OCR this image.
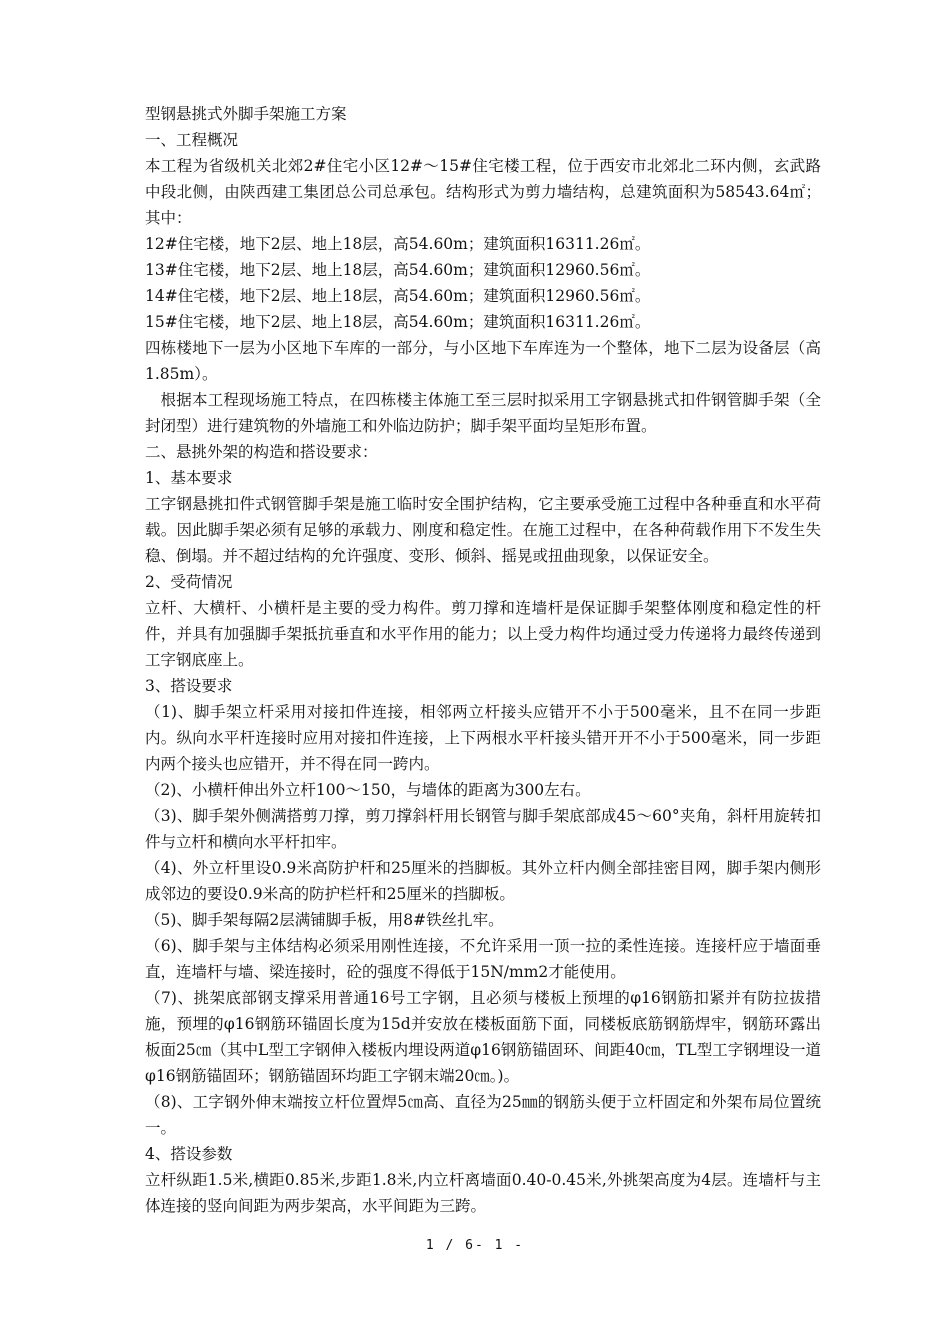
型钢悬挑式外脚手架施工方案

一、工程概况

本工程为省级机关北郊2#住宅小区12#～15#住宅楼工程，位于西安市北郊北二环内侧，玄武路中段北侧，由陕西建工集团总公司总承包。结构形式为剪力墙结构，总建筑面积为58543.64㎡；其中：

12#住宅楼，地下2层、地上18层，高54.60m；建筑面积16311.26㎡。

13#住宅楼，地下2层、地上18层，高54.60m；建筑面积12960.56㎡。

14#住宅楼，地下2层、地上18层，高54.60m；建筑面积12960.56㎡。

15#住宅楼，地下2层、地上18层，高54.60m；建筑面积16311.26㎡。

四栋楼地下一层为小区地下车库的一部分，与小区地下车库连为一个整体，地下二层为设备层（高1.85m）。

根据本工程现场施工特点，在四栋楼主体施工至三层时拟采用工字钢悬挑式扣件钢管脚手架（全封闭型）进行建筑物的外墙施工和外临边防护；脚手架平面均呈矩形布置。

二、悬挑外架的构造和搭设要求：

1、基本要求

工字钢悬挑扣件式钢管脚手架是施工临时安全围护结构，它主要承受施工过程中各种垂直和水平荷载。因此脚手架必须有足够的承载力、刚度和稳定性。在施工过程中，在各种荷载作用下不发生失稳、倒塌。并不超过结构的允许强度、变形、倾斜、摇晃或扭曲现象，以保证安全。

2、受荷情况

立杆、大横杆、小横杆是主要的受力构件。剪刀撑和连墙杆是保证脚手架整体刚度和稳定性的杆件，并具有加强脚手架抵抗垂直和水平作用的能力；以上受力构件均通过受力传递将力最终传递到工字钢底座上。

3、搭设要求

（1)、脚手架立杆采用对接扣件连接，相邻两立杆接头应错开不小于500毫米，且不在同一步距内。纵向水平杆连接时应用对接扣件连接，上下两根水平杆接头错开开不小于500毫米，同一步距内两个接头也应错开，并不得在同一跨内。

（2)、小横杆伸出外立杆100～150，与墙体的距离为300左右。

（3)、脚手架外侧满搭剪刀撑，剪刀撑斜杆用长钢管与脚手架底部成45～60°夹角，斜杆用旋转扣件与立杆和横向水平杆扣牢。

（4)、外立杆里设0.9米高防护杆和25厘米的挡脚板。其外立杆内侧全部挂密目网，脚手架内侧形成邻边的要设0.9米高的防护栏杆和25厘米的挡脚板。

（5)、脚手架每隔2层满铺脚手板，用8#铁丝扎牢。

（6)、脚手架与主体结构必须采用刚性连接，不允许采用一顶一拉的柔性连接。连接杆应于墙面垂直，连墙杆与墙、梁连接时，砼的强度不得低于15N/mm2才能使用。

（7)、挑架底部钢支撑采用普通16号工字钢，且必须与楼板上预埋的φ16钢筋扣紧并有防拉拔措施，预埋的φ16钢筋环锚固长度为15d并安放在楼板面筋下面，同楼板底筋钢筋焊牢，钢筋环露出板面25㎝（其中L型工字钢伸入楼板内埋设两道φ16钢筋锚固环、间距40㎝，TL型工字钢埋设一道φ16钢筋锚固环；钢筋锚固环均距工字钢末端20㎝。)。

（8)、工字钢外伸末端按立杆位置焊5㎝高、直径为25㎜的钢筋头便于立杆固定和外架布局位置统一。

4、搭设参数

立杆纵距1.5米,横距0.85米,步距1.8米,内立杆离墙面0.40-0.45米,外挑架高度为4层。连墙杆与主体连接的竖向间距为两步架高，水平间距为三跨。

1 / 6- 1 -
